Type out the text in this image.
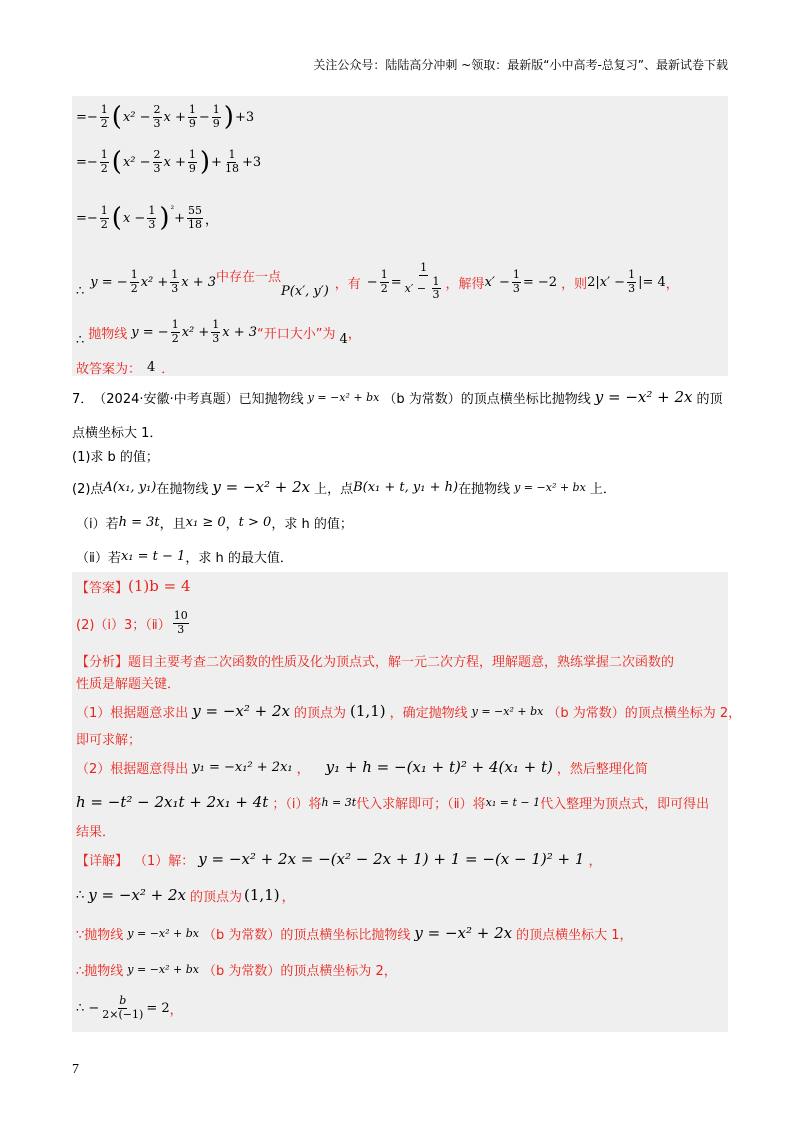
关注公众号：陆陆高分冲刺 ~领取：最新版“小中高考-总复习”、最新试卷下载
=− $\frac{1}{2}$ ( $x^2 - \frac{2}{3}$ $x + \frac{1}{9} - \frac{1}{9}$ ) +3
=− $\frac{1}{2}$ ( $x^2 - \frac{2}{3}$ $x + \frac{1}{9}$ ) + $\frac{1}{18} +3$
=− $\frac{1}{2}$ ( $x - \frac{1}{3}$ ) ²
+ $\frac{55}{18}$ ，
∴
y = − $\frac{1}{2} x^2 + \frac{1}{3}$ x + 3 中存在一点
P(x′, y′) ，有 − $\frac{1}{2} = \frac{1}{x' - \frac{1}{3}}$ ，解得 $x' - \frac{1}{3} = -2$ ，则 $2|x' - \frac{1}{3}$ | = 4 ，
∴ 抛物线 y = − $\frac{1}{2} x^2 + \frac{1}{3}$ x + 3 “开口大小”为 4 ，
故答案为： 4 ．
7． （2024·安徽·中考真题） 已知抛物线 y = −x² + bx （b 为常数）的顶点横坐标比抛物线 y = −x² + 2x 的顶
点横坐标大 1．
(1)求 b 的值；
(2)点 A(x₁, y₁) 在抛物线 y = −x² + 2x 上，点 B(x₁ + t, y₁ + h) 在抛物线 y = −x² + bx 上．
（ⅰ）若 h = 3t ，且 x₁ ≥ 0 ， t > 0 ，求 h 的值；
（ⅱ）若 x₁ = t − 1 ，求 h 的最大值．
【答案】 (1)b = 4
(2)（ⅰ）3；（ⅱ） $\frac{10}{3}$
【分析】 题目主要考查二次函数的性质及化为顶点式，解一元二次方程，理解题意，熟练掌握二次函数的
性质是解题关键．
（1）根据题意求出 y = −x² + 2x 的顶点为 (1,1) ，确定抛物线 y = −x² + bx （b 为常数）的顶点横坐标为 2，
即可求解；
（2）根据题意得出 y₁ = −x₁² + 2x₁ ， y₁ + h = −(x₁ + t)² + 4(x₁ + t) ，然后整理化简
h = −t² − 2x₁t + 2x₁ + 4t ；（ⅰ）将 h = 3t 代入求解即可；（ⅱ）将 x₁ = t − 1 代入整理为顶点式，即可得出
结果．
【详解】 （1）解： y = −x² + 2x = −(x² − 2x + 1) + 1 = −(x − 1)² + 1 ，
∴ y = −x² + 2x 的顶点为 (1,1) ，
∵抛物线 y = −x² + bx （b 为常数）的顶点横坐标比抛物线 y = −x² + 2x 的顶点横坐标大 1，
∴抛物线 y = −x² + bx （b 为常数）的顶点横坐标为 2，
∴ − $\frac{b}{2\times(-1)} = 2$ ，
7
